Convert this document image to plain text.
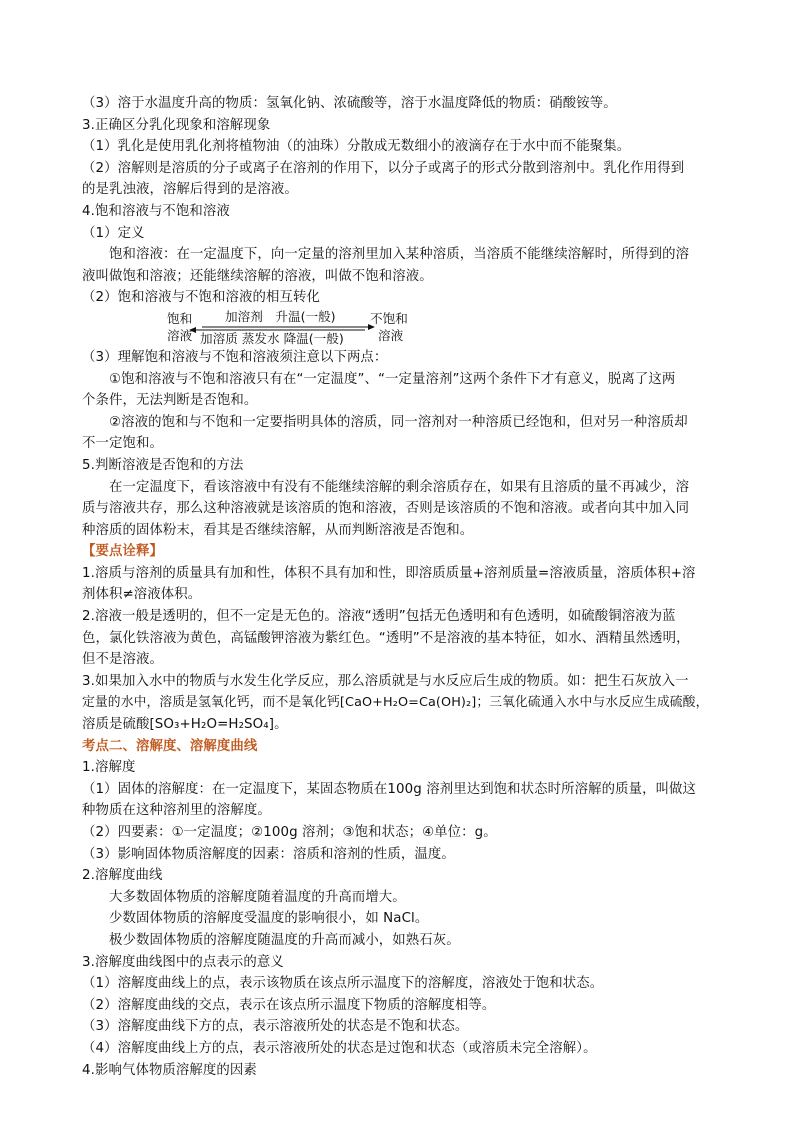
（3）溶于水温度升高的物质：氢氧化钠、浓硫酸等，溶于水温度降低的物质：硝酸铵等。
3.正确区分乳化现象和溶解现象
（1）乳化是使用乳化剂将植物油（的油珠）分散成无数细小的液滴存在于水中而不能聚集。
（2）溶解则是溶质的分子或离子在溶剂的作用下，以分子或离子的形式分散到溶剂中。乳化作用得到
的是乳浊液，溶解后得到的是溶液。
4.饱和溶液与不饱和溶液
（1）定义
饱和溶液：在一定温度下，向一定量的溶剂里加入某种溶质，当溶质不能继续溶解时，所得到的溶
液叫做饱和溶液；还能继续溶解的溶液，叫做不饱和溶液。
（2）饱和溶液与不饱和溶液的相互转化
饱和
溶液
加溶剂　升温(一般)
加溶质 蒸发水 降温(一般)
不饱和
溶液
（3）理解饱和溶液与不饱和溶液须注意以下两点：
①饱和溶液与不饱和溶液只有在“一定温度”、“一定量溶剂”这两个条件下才有意义，脱离了这两
个条件，无法判断是否饱和。
②溶液的饱和与不饱和一定要指明具体的溶质，同一溶剂对一种溶质已经饱和，但对另一种溶质却
不一定饱和。
5.判断溶液是否饱和的方法
在一定温度下，看该溶液中有没有不能继续溶解的剩余溶质存在，如果有且溶质的量不再减少，溶
质与溶液共存，那么这种溶液就是该溶质的饱和溶液，否则是该溶质的不饱和溶液。或者向其中加入同
种溶质的固体粉末，看其是否继续溶解，从而判断溶液是否饱和。
【要点诠释】
1.溶质与溶剂的质量具有加和性，体积不具有加和性，即溶质质量+溶剂质量=溶液质量，溶质体积+溶
剂体积≠溶液体积。
2.溶液一般是透明的，但不一定是无色的。溶液“透明”包括无色透明和有色透明，如硫酸铜溶液为蓝
色，氯化铁溶液为黄色，高锰酸钾溶液为紫红色。“透明”不是溶液的基本特征，如水、酒精虽然透明，
但不是溶液。
3.如果加入水中的物质与水发生化学反应，那么溶质就是与水反应后生成的物质。如：把生石灰放入一
定量的水中，溶质是氢氧化钙，而不是氧化钙[CaO+H₂O=Ca(OH)₂]；三氧化硫通入水中与水反应生成硫酸，
溶质是硫酸[SO₃+H₂O=H₂SO₄]。
考点二、溶解度、溶解度曲线
1.溶解度
（1）固体的溶解度：在一定温度下，某固态物质在100g 溶剂里达到饱和状态时所溶解的质量，叫做这
种物质在这种溶剂里的溶解度。
（2）四要素：①一定温度；②100g 溶剂；③饱和状态；④单位：g。
（3）影响固体物质溶解度的因素：溶质和溶剂的性质，温度。
2.溶解度曲线
大多数固体物质的溶解度随着温度的升高而增大。
少数固体物质的溶解度受温度的影响很小，如 NaCl。
极少数固体物质的溶解度随温度的升高而减小，如熟石灰。
3.溶解度曲线图中的点表示的意义
（1）溶解度曲线上的点，表示该物质在该点所示温度下的溶解度，溶液处于饱和状态。
（2）溶解度曲线的交点，表示在该点所示温度下物质的溶解度相等。
（3）溶解度曲线下方的点，表示溶液所处的状态是不饱和状态。
（4）溶解度曲线上方的点，表示溶液所处的状态是过饱和状态（或溶质未完全溶解）。
4.影响气体物质溶解度的因素
